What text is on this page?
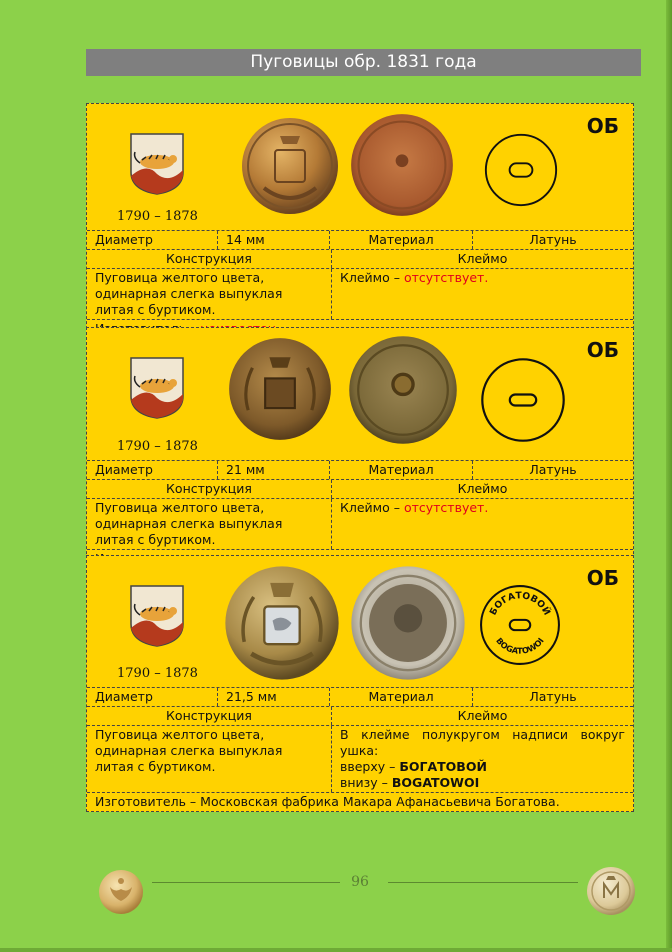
Пуговицы обр. 1831 года
1790 – 1878
ОБ
Диаметр	14 мм	Материал	Латунь
Конструкция	Клеймо
Пуговица желтого цвета, одинарная слегка выпуклая литая с буртиком.
Клеймо – отсутствует.
1790 – 1878
ОБ
Диаметр	21 мм	Материал	Латунь
Конструкция	Клеймо
Пуговица желтого цвета, одинарная слегка выпуклая литая с буртиком.
Клеймо – отсутствует.
1790 – 1878
ОБ
БОГАТОВОЙ
BOGATOWOI
Диаметр	21,5 мм	Материал	Латунь
Конструкция	Клеймо
Пуговица желтого цвета, одинарная слегка выпуклая литая с буртиком.
В клейме полукругом надписи вокруг ушка:
вверху – БОГАТОВОЙ
внизу – BOGATOWOI
Изготовитель – Московская фабрика Макара Афанасьевича Богатова.
96
